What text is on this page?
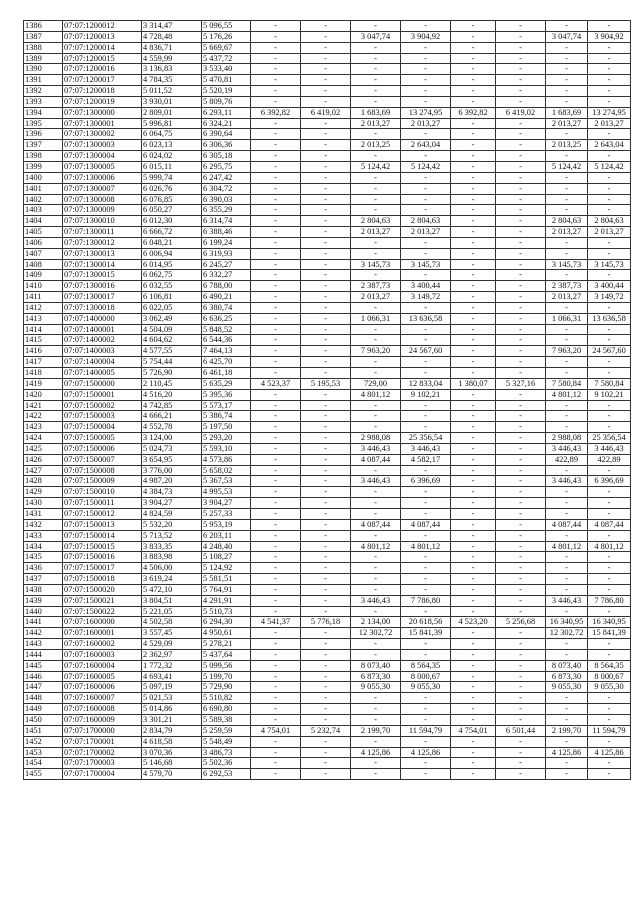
1386	07:07:1200012	3 314,47	5 096,55	-	-	-	-	-	-	-	-
1387	07:07:1200013	4 728,48	5 176,26	-	-	3 047,74	3 904,92	-	-	3 047,74	3 904,92
1388	07:07:1200014	4 836,71	5 669,67	-	-	-	-	-	-	-	-
1389	07:07:1200015	4 559,99	5 437,72	-	-	-	-	-	-	-	-
1390	07:07:1200016	3 136,83	3 533,40	-	-	-	-	-	-	-	-
1391	07:07:1200017	4 784,35	5 470,81	-	-	-	-	-	-	-	-
1392	07:07:1200018	5 011,52	5 520,19	-	-	-	-	-	-	-	-
1393	07:07:1200019	3 930,01	5 809,76	-	-	-	-	-	-	-	-
1394	07:07:1300000	2 809,01	6 293,11	6 392,82	6 419,02	1 683,69	13 274,95	6 392,82	6 419,02	1 683,69	13 274,95
1395	07:07:1300001	5 996,81	6 324,21	-	-	2 013,27	2 013,27	-	-	2 013,27	2 013,27
1396	07:07:1300002	6 064,75	6 390,64	-	-	-	-	-	-	-	-
1397	07:07:1300003	6 023,13	6 306,36	-	-	2 013,25	2 643,04	-	-	2 013,25	2 643,04
1398	07:07:1300004	6 024,02	6 305,18	-	-	-	-	-	-	-	-
1399	07:07:1300005	6 015,11	6 295,75	-	-	5 124,42	5 124,42	-	-	5 124,42	5 124,42
1400	07:07:1300006	5 999,74	6 247,42	-	-	-	-	-	-	-	-
1401	07:07:1300007	6 026,76	6 304,72	-	-	-	-	-	-	-	-
1402	07:07:1300008	6 076,85	6 390,03	-	-	-	-	-	-	-	-
1403	07:07:1300009	6 050,27	6 355,29	-	-	-	-	-	-	-	-
1404	07:07:1300010	6 012,30	6 314,74	-	-	2 804,63	2 804,63	-	-	2 804,63	2 804,63
1405	07:07:1300011	6 666,72	6 388,46	-	-	2 013,27	2 013,27	-	-	2 013,27	2 013,27
1406	07:07:1300012	6 048,21	6 199,24	-	-	-	-	-	-	-	-
1407	07:07:1300013	6 006,94	6 319,93	-	-	-	-	-	-	-	-
1408	07:07:1300014	6 014,95	6 245,27	-	-	3 145,73	3 145,73	-	-	3 145,73	3 145,73
1409	07:07:1300015	6 062,75	6 332,27	-	-	-	-	-	-	-	-
1410	07:07:1300016	6 032,55	6 788,00	-	-	2 387,73	3 400,44	-	-	2 387,73	3 400,44
1411	07:07:1300017	6 106,81	6 490,21	-	-	2 013,27	3 149,72	-	-	2 013,27	3 149,72
1412	07:07:1300018	6 022,05	6 380,74	-	-	-	-	-	-	-	-
1413	07:07:1400000	3 062,49	6 636,25	-	-	1 066,31	13 636,58	-	-	1 066,31	13 636,58
1414	07:07:1400001	4 504,09	5 848,52	-	-	-	-	-	-	-	-
1415	07:07:1400002	4 604,62	6 544,36	-	-	-	-	-	-	-	-
1416	07:07:1400003	4 577,55	7 464,13	-	-	7 963,20	24 567,60	-	-	7 963,20	24 567,60
1417	07:07:1400004	5 754,44	6 425,70	-	-	-	-	-	-	-	-
1418	07:07:1400005	5 726,90	6 461,18	-	-	-	-	-	-	-	-
1419	07:07:1500000	2 110,45	5 635,29	4 523,37	5 195,53	729,00	12 833,04	1 380,07	5 327,16	7 580,84	7 580,84
1420	07:07:1500001	4 516,20	5 395,36	-	-	4 801,12	9 102,21	-	-	4 801,12	9 102,21
1421	07:07:1500002	4 742,85	5 573,17	-	-	-	-	-	-	-	-
1422	07:07:1500003	4 666,21	5 386,74	-	-	-	-	-	-	-	-
1423	07:07:1500004	4 552,78	5 197,50	-	-	-	-	-	-	-	-
1424	07:07:1500005	3 124,00	5 293,20	-	-	2 988,08	25 356,54	-	-	2 988,08	25 356,54
1425	07:07:1500006	5 024,73	5 593,10	-	-	3 446,43	3 446,43	-	-	3 446,43	3 446,43
1426	07:07:1500007	3 654,95	4 573,86	-	-	4 087,44	4 582,17	-	-	422,89	422,89
1427	07:07:1500008	3 776,00	5 658,02	-	-	-	-	-	-	-	-
1428	07:07:1500009	4 987,20	5 367,53	-	-	3 446,43	6 396,69	-	-	3 446,43	6 396,69
1429	07:07:1500010	4 384,73	4 995,53	-	-	-	-	-	-	-	-
1430	07:07:1500011	3 904,27	3 904,27	-	-	-	-	-	-	-	-
1431	07:07:1500012	4 824,59	5 257,33	-	-	-	-	-	-	-	-
1432	07:07:1500013	5 532,20	5 953,19	-	-	4 087,44	4 087,44	-	-	4 087,44	4 087,44
1433	07:07:1500014	5 713,52	6 203,11	-	-	-	-	-	-	-	-
1434	07:07:1500015	3 833,35	4 248,40	-	-	4 801,12	4 801,12	-	-	4 801,12	4 801,12
1435	07:07:1500016	3 883,98	5 108,27	-	-	-	-	-	-	-	-
1436	07:07:1500017	4 506,00	5 124,92	-	-	-	-	-	-	-	-
1437	07:07:1500018	3 619,24	5 581,51	-	-	-	-	-	-	-	-
1438	07:07:1500020	5 472,10	5 764,91	-	-	-	-	-	-	-	-
1439	07:07:1500021	3 804,51	4 291,91	-	-	3 446,43	7 786,80	-	-	3 446,43	7 786,80
1440	07:07:1500022	5 221,05	5 510,73	-	-	-	-	-	-	-	-
1441	07:07:1600000	4 502,58	6 294,30	4 541,37	5 776,18	2 134,00	20 618,56	4 523,20	5 256,68	16 340,95	16 340,95
1442	07:07:1600001	3 557,45	4 950,61	-	-	12 302,72	15 841,39	-	-	12 302,72	15 841,39
1443	07:07:1600002	4 529,09	5 278,21	-	-	-	-	-	-	-	-
1444	07:07:1600003	2 362,97	5 437,64	-	-	-	-	-	-	-	-
1445	07:07:1600004	1 772,32	5 099,56	-	-	8 073,40	8 564,35	-	-	8 073,40	8 564,35
1446	07:07:1600005	4 693,41	5 199,70	-	-	6 873,30	8 000,67	-	-	6 873,30	8 000,67
1447	07:07:1600006	5 097,19	5 729,90	-	-	9 055,30	9 055,30	-	-	9 055,30	9 055,30
1448	07:07:1600007	5 021,53	5 510,82	-	-	-	-	-	-	-	-
1449	07:07:1600008	5 014,86	6 690,80	-	-	-	-	-	-	-	-
1450	07:07:1600009	3 301,21	5 589,38	-	-	-	-	-	-	-	-
1451	07:07:1700000	2 834,79	5 259,59	4 754,01	5 232,74	2 199,70	11 594,79	4 754,01	6 501,44	2 199,70	11 594,79
1452	07:07:1700001	4 618,58	5 548,49	-	-	-	-	-	-	-	-
1453	07:07:1700002	3 070,36	3 486,73	-	-	4 125,86	4 125,86	-	-	4 125,86	4 125,86
1454	07:07:1700003	5 146,68	5 502,36	-	-	-	-	-	-	-	-
1455	07:07:1700004	4 579,70	6 292,53	-	-	-	-	-	-	-	-
